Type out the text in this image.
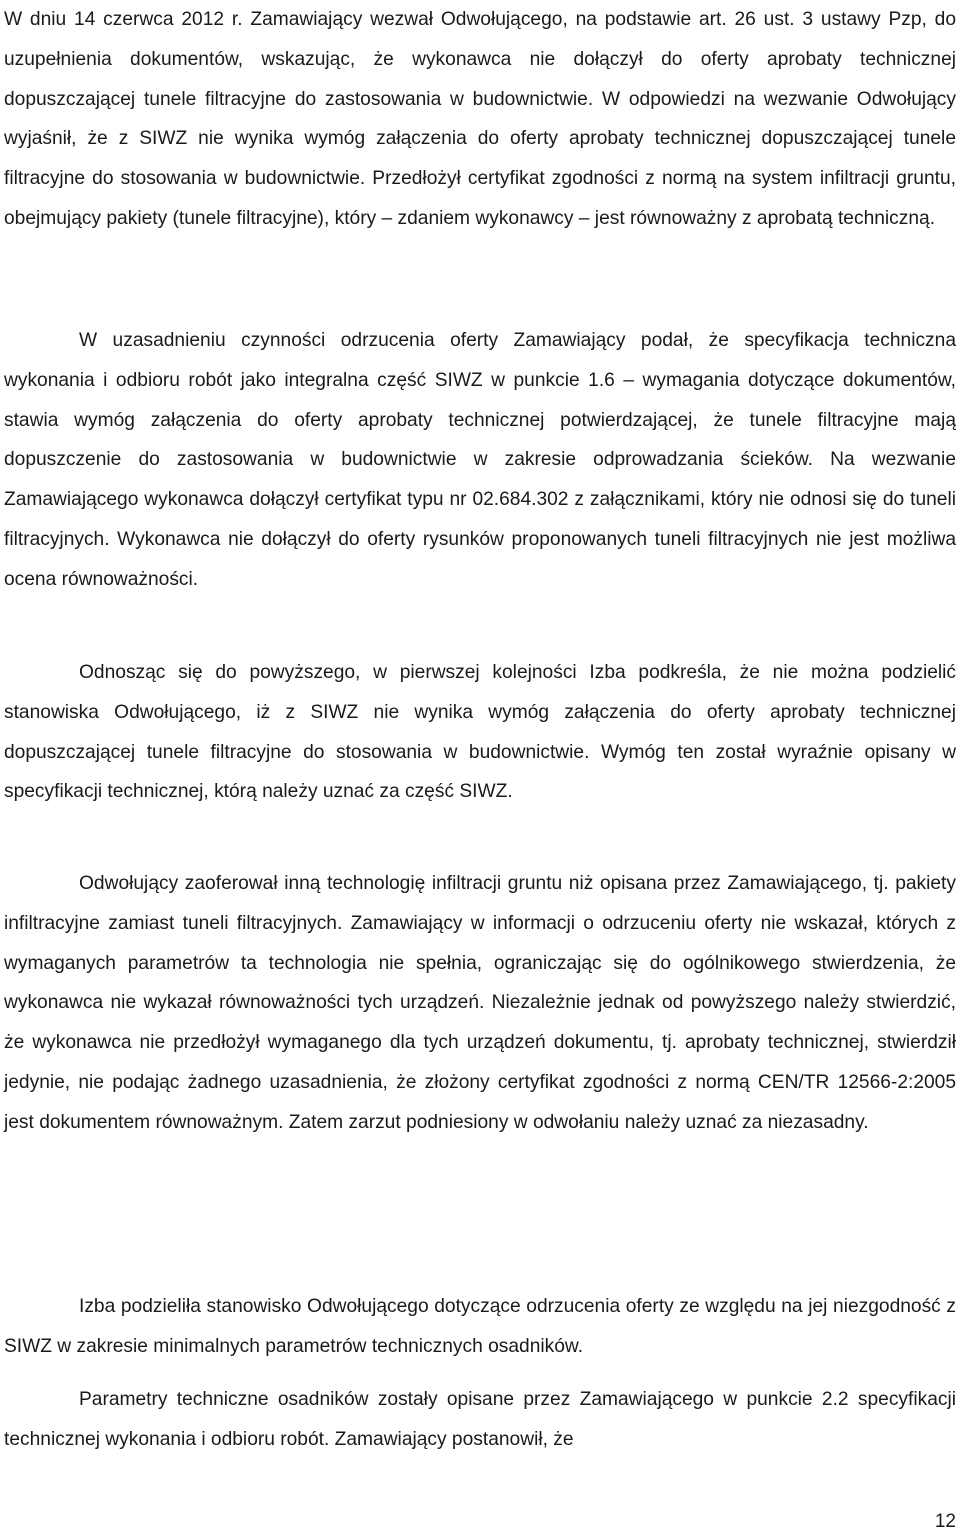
W dniu 14 czerwca 2012 r. Zamawiający wezwał Odwołującego, na podstawie art. 26 ust. 3 ustawy Pzp, do uzupełnienia dokumentów, wskazując, że wykonawca nie dołączył do oferty aprobaty technicznej dopuszczającej tunele filtracyjne do zastosowania w budownictwie. W odpowiedzi na wezwanie Odwołujący wyjaśnił, że z SIWZ nie wynika wymóg załączenia do oferty aprobaty technicznej dopuszczającej tunele filtracyjne do stosowania w budownictwie. Przedłożył certyfikat zgodności z normą na system infiltracji gruntu, obejmujący pakiety (tunele filtracyjne), który – zdaniem wykonawcy – jest równoważny z aprobatą techniczną.

W uzasadnieniu czynności odrzucenia oferty Zamawiający podał, że specyfikacja techniczna wykonania i odbioru robót jako integralna część SIWZ w punkcie 1.6 – wymagania dotyczące dokumentów, stawia wymóg załączenia do oferty aprobaty technicznej potwierdzającej, że tunele filtracyjne mają dopuszczenie do zastosowania w budownictwie w zakresie odprowadzania ścieków. Na wezwanie Zamawiającego wykonawca dołączył certyfikat typu nr 02.684.302 z załącznikami, który nie odnosi się do tuneli filtracyjnych. Wykonawca nie dołączył do oferty rysunków proponowanych tuneli filtracyjnych nie jest możliwa ocena równoważności.

Odnosząc się do powyższego, w pierwszej kolejności Izba podkreśla, że nie można podzielić stanowiska Odwołującego, iż z SIWZ nie wynika wymóg załączenia do oferty aprobaty technicznej dopuszczającej tunele filtracyjne do stosowania w budownictwie. Wymóg ten został wyraźnie opisany w specyfikacji technicznej, którą należy uznać za część SIWZ.

Odwołujący zaoferował inną technologię infiltracji gruntu niż opisana przez Zamawiającego, tj. pakiety infiltracyjne zamiast tuneli filtracyjnych. Zamawiający w informacji o odrzuceniu oferty nie wskazał, których z wymaganych parametrów ta technologia nie spełnia, ograniczając się do ogólnikowego stwierdzenia, że wykonawca nie wykazał równoważności tych urządzeń. Niezależnie jednak od powyższego należy stwierdzić, że wykonawca nie przedłożył wymaganego dla tych urządzeń dokumentu, tj. aprobaty technicznej, stwierdził jedynie, nie podając żadnego uzasadnienia, że złożony certyfikat zgodności z normą CEN/TR 12566-2:2005 jest dokumentem równoważnym. Zatem zarzut podniesiony w odwołaniu należy uznać za niezasadny.

Izba podzieliła stanowisko Odwołującego dotyczące odrzucenia oferty ze względu na jej niezgodność z SIWZ w zakresie minimalnych parametrów technicznych osadników.

Parametry techniczne osadników zostały opisane przez Zamawiającego w punkcie 2.2 specyfikacji technicznej wykonania i odbioru robót. Zamawiający postanowił, że

12
